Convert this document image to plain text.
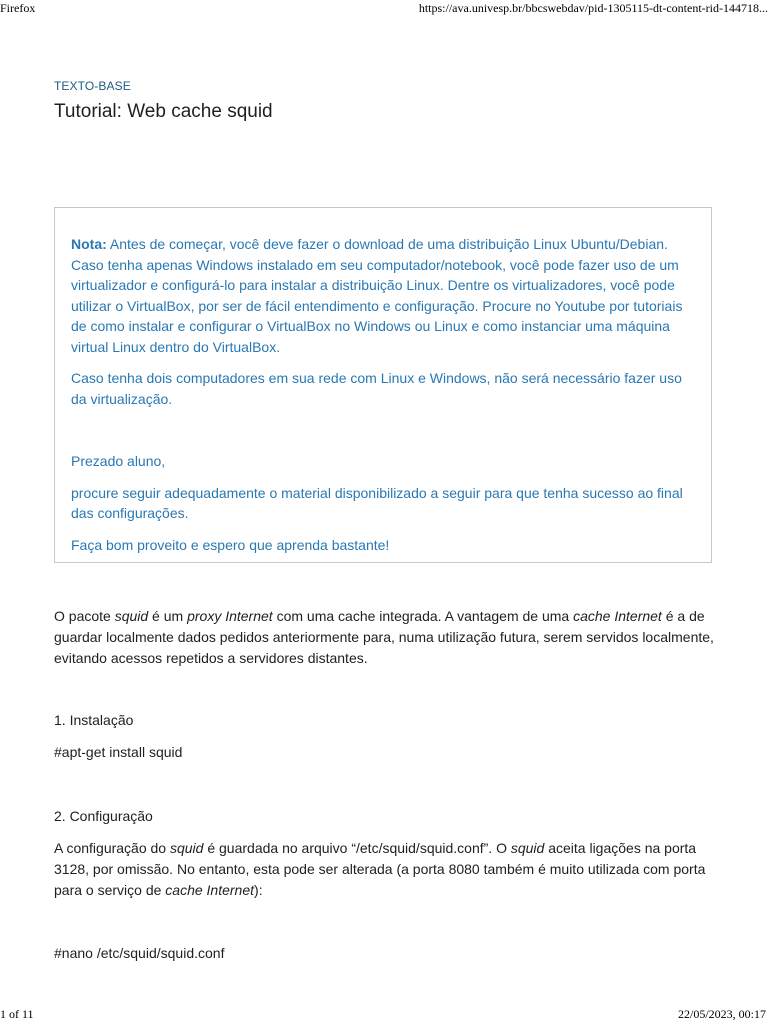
Firefox	https://ava.univesp.br/bbcswebdav/pid-1305115-dt-content-rid-144718...
TEXTO-BASE
Tutorial: Web cache squid

Nota: Antes de começar, você deve fazer o download de uma distribuição Linux Ubuntu/Debian. Caso tenha apenas Windows instalado em seu computador/notebook, você pode fazer uso de um virtualizador e configurá-lo para instalar a distribuição Linux. Dentre os virtualizadores, você pode utilizar o VirtualBox, por ser de fácil entendimento e configuração. Procure no Youtube por tutoriais de como instalar e configurar o VirtualBox no Windows ou Linux e como instanciar uma máquina virtual Linux dentro do VirtualBox.

Caso tenha dois computadores em sua rede com Linux e Windows, não será necessário fazer uso da virtualização.

Prezado aluno,

procure seguir adequadamente o material disponibilizado a seguir para que tenha sucesso ao final das configurações.

Faça bom proveito e espero que aprenda bastante!

O pacote squid é um proxy Internet com uma cache integrada. A vantagem de uma cache Internet é a de guardar localmente dados pedidos anteriormente para, numa utilização futura, serem servidos localmente, evitando acessos repetidos a servidores distantes.

1. Instalação

#apt-get install squid

2. Configuração

A configuração do squid é guardada no arquivo “/etc/squid/squid.conf”. O squid aceita ligações na porta 3128, por omissão. No entanto, esta pode ser alterada (a porta 8080 também é muito utilizada com porta para o serviço de cache Internet):

#nano /etc/squid/squid.conf

1 of 11	22/05/2023, 00:17
